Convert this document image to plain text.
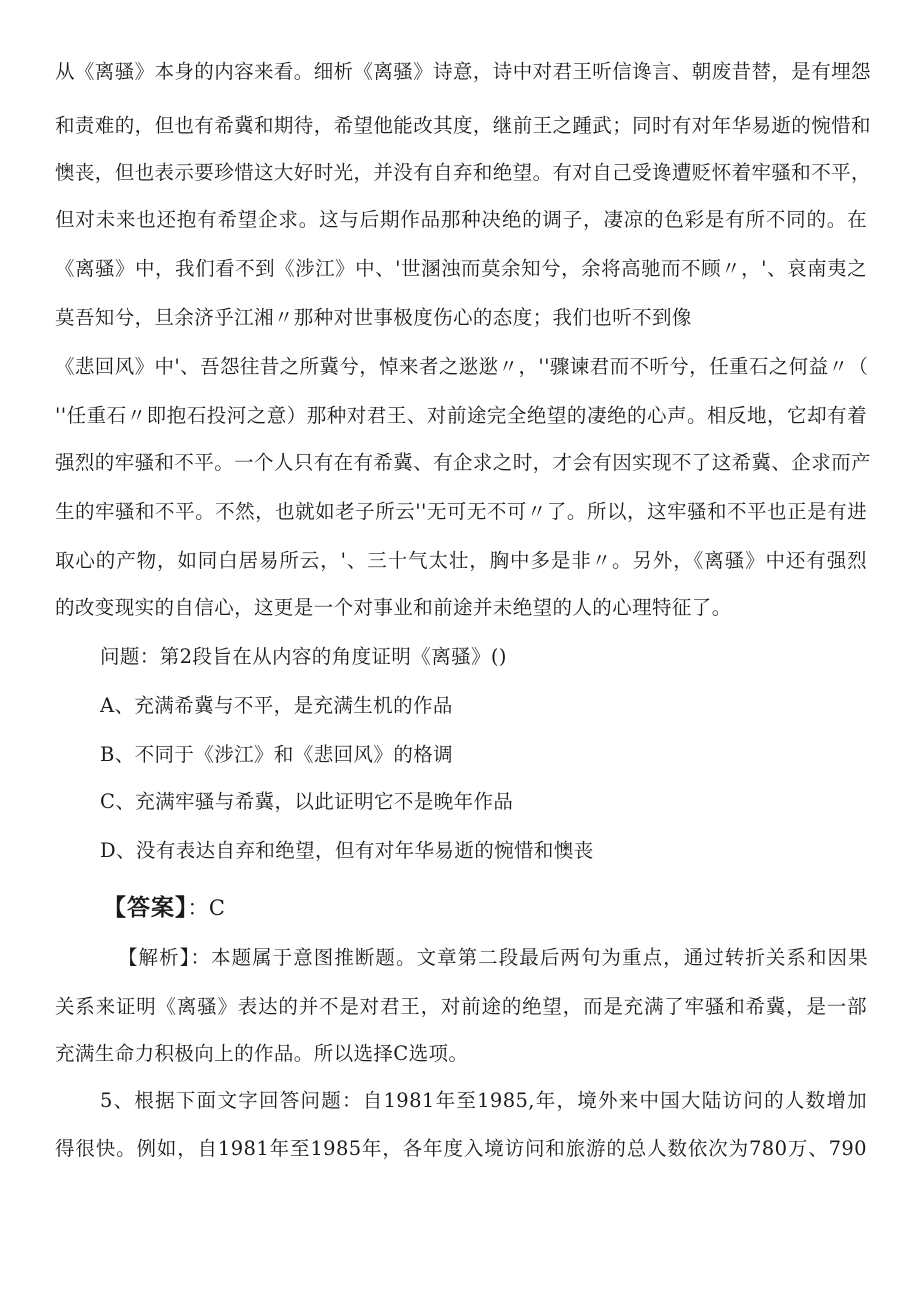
从《离骚》本身的内容来看。细析《离骚》诗意，诗中对君王听信谗言、朝废昔替，是有埋怨
和责难的，但也有希冀和期待，希望他能改其度，继前王之踵武；同时有对年华易逝的惋惜和
懊丧，但也表示要珍惜这大好时光，并没有自弃和绝望。有对自己受谗遭贬怀着牢骚和不平，
但对未来也还抱有希望企求。这与后期作品那种决绝的调子，凄凉的色彩是有所不同的。在
《离骚》中，我们看不到《涉江》中、'世溷浊而莫余知兮，余将高驰而不顾〃，'、哀南夷之
莫吾知兮，旦余济乎江湘〃那种对世事极度伤心的态度；我们也听不到像
《悲回风》中'、吾怨往昔之所冀兮，悼来者之逖逖〃，''骤谏君而不听兮，任重石之何益〃（
''任重石〃即抱石投河之意）那种对君王、对前途完全绝望的凄绝的心声。相反地，它却有着
强烈的牢骚和不平。一个人只有在有希冀、有企求之时，才会有因实现不了这希冀、企求而产
生的牢骚和不平。不然，也就如老子所云''无可无不可〃了。所以，这牢骚和不平也正是有进
取心的产物，如同白居易所云，'、三十气太壮，胸中多是非〃。另外，《离骚》中还有强烈
的改变现实的自信心，这更是一个对事业和前途并未绝望的人的心理特征了。
问题：第2段旨在从内容的角度证明《离骚》()
A、充满希冀与不平，是充满生机的作品
B、不同于《涉江》和《悲回风》的格调
C、充满牢骚与希冀，以此证明它不是晚年作品
D、没有表达自弃和绝望，但有对年华易逝的惋惜和懊丧
【答案】：C
【解析】：本题属于意图推断题。文章第二段最后两句为重点，通过转折关系和因果
关系来证明《离骚》表达的并不是对君王，对前途的绝望，而是充满了牢骚和希冀，是一部
充满生命力积极向上的作品。所以选择C选项。
5、根据下面文字回答问题：自1981年至1985,年，境外来中国大陆访问的人数增加
得很快。例如，自1981年至1985年，各年度入境访问和旅游的总人数依次为780万、790
